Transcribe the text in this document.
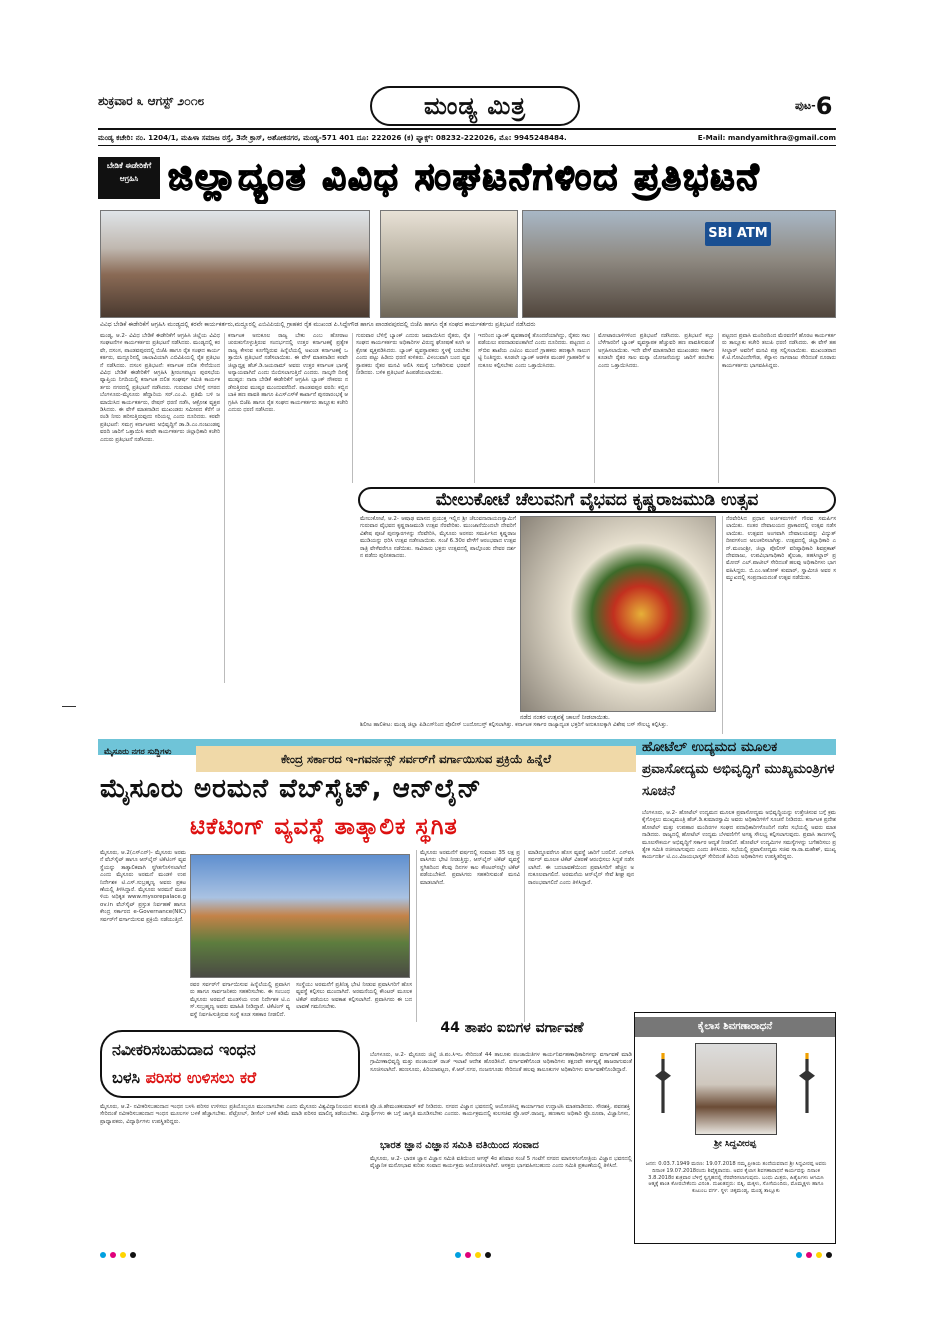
ಶುಕ್ರವಾರ ೩ ಆಗಸ್ಟ್ ೨೦೧೮	ಮಂಡ್ಯ ಮಿತ್ರ	ಪುಟ-6
ಮಂಡ್ಯ ಕಚೇರಿ: ನಂ. 1204/1, ಮಹಿಳಾ ಸಮಾಜ ರಸ್ತೆ, 3ನೇ ಕ್ರಾಸ್, ಅಶೋಕನಗರ, ಮಂಡ್ಯ-571 401 ದೂ: 222026 (ಕ) ಫ್ಯಾಕ್ಸ್: 08232-222026, ಮೊ: 9945248484.	E-Mail: mandyamithra@gmail.com
ಬೇಡಿಕೆ ಈಡೇರಿಕೆಗೆ ಆಗ್ರಹಿಸಿ ಜಿಲ್ಲಾದ್ಯಂತ ವಿವಿಧ ಸಂಘಟನೆಗಳಿಂದ ಪ್ರತಿಭಟನೆ
SBI ATM
ವಿವಿಧ ಬೇಡಿಕೆ ಈಡೇರಿಕೆಗೆ ಆಗ್ರಹಿಸಿ ಮಂಡ್ಯದಲ್ಲಿ ಕರವೇ ಕಾರ್ಯಕರ್ತರು,ಮದ್ದೂರಲ್ಲಿ ಎಬಿವಿಪಿಯಲ್ಲಿ ಗ್ರಾಹಕರ ರೈತ ಮುಖಂಡ ಪಿ.ಸಿದ್ದೇಗೌಡ ಹಾಗೂ ಪಾಂಡವಪುರದಲ್ಲಿ ಬಿಜೆಪಿ ಹಾಗೂ ರೈತ ಸಂಘದ ಕಾರ್ಯಕರ್ತರು ಪ್ರತಿಭಟನೆ ನಡೆಸಿದರು
ಮಂಡ್ಯ, ಆ.2- ವಿವಿಧ ಬೇಡಿಕೆ ಈಡೇರಿಕೆಗೆ ಆಗ್ರಹಿಸಿ ಜಿಲ್ಲೆಯ ವಿವಿಧ ಸಂಘಟನೆಗಳ ಕಾರ್ಯಕರ್ತರು ಪ್ರತಿಭಟನೆ ನಡೆಸಿದರು. ಮಂಡ್ಯದಲ್ಲಿ ಕರವೇ, ದಸಂಸ, ಪಾಂಡವಪುರದಲ್ಲಿ ಬಿಜೆಪಿ ಹಾಗೂ ರೈತ ಸಂಘದ ಕಾರ್ಯಕರ್ತರು, ಮದ್ದೂರಿನಲ್ಲಿ ಚಾಲಾವಿಯಾಗಿ ಎಬಿವಿಪಿಯಲ್ಲಿ ರೈತ ಪ್ರತಿಭಟನೆ ನಡೆಸಿದರು. ದಸಂಸ ಪ್ರತಿಭಟನೆ: ಕರ್ನಾಟಕ ದಲಿತ ಸೇನೆಯಿಂದ ವಿವಿಧ ಬೇಡಿಕೆ ಈಡೇರಿಕೆಗೆ ಆಗ್ರಹಿಸಿ ಶ್ರೀರಂಗಪಟ್ಟಣ ಪುರಸಭೆಯ ವ್ಯಾಪ್ತಿಯ ನಿಗದಿಯಲ್ಲಿ ಕರ್ನಾಟಕ ದಲಿತ ಸಂಘರ್ಷ ಸಮಿತಿ ಕಾರ್ಯಕರ್ತರು ನಗರದಲ್ಲಿ ಪ್ರತಿಭಟನೆ ನಡೆಸಿದರು. ಗುರುವಾರ ಬೆಳಿಗ್ಗೆ ನಗರದ ಬೆಂಗಳೂರು-ಮೈಸೂರು ಹೆದ್ದಾರಿಯ ಸರ್.ಎಂ.ವಿ. ಪ್ರತಿಮೆ ಬಳಿ ಜಮಾಯಿಸಿದ ಕಾರ್ಯಕರ್ತರು, ರೇಷನ್ ಧರಣಿ ನಡೆಸಿ, ಆಕ್ರೋಶ ವ್ಯಕ್ತಪಡಿಸಿದರು. ಈ ವೇಳೆ ಮಾತನಾಡಿದ ಮುಖಂಡರು ಸಮೀಪದ ಕೆರೆಗೆ ಚರಂಡಿ ನೀರು ಹರಿಸುತ್ತಿರುವುದು ಸರಿಯಲ್ಲ ಎಂದು ದೂರಿದರು. ಕರವೇ ಪ್ರತಿಭಟನೆ: ಸಮಗ್ರ ಕರ್ನಾಟಕದ ಅಭಿವೃದ್ಧಿಗೆ ಡಾ.ಡಿ.ಎಂ.ನಂಜುಂಡಪ್ಪ ವರದಿ ಜಾರಿಗೆ ಒತ್ತಾಯಿಸಿ ಕರವೇ ಕಾರ್ಯಕರ್ತರು ಜಿಲ್ಲಾಧಿಕಾರಿ ಕಚೇರಿ ಎದುರು ಪ್ರತಿಭಟನೆ ನಡೆಸಿದರು.
ಕರ್ನಾಟಕ ಅನುಕೂಲ ರಾಜ್ಯ ಬೇಕು ಎಂಬ ಹೋರಾಟ ಚುರುಕುಗೊಳ್ಳುತ್ತಿರುವ ಸಂದರ್ಭದಲ್ಲಿ ಉತ್ತರ ಕರ್ನಾಟಕಕ್ಕೆ ಪ್ರತ್ಯೇಕ ರಾಜ್ಯ ಕೇಳುವ ಕೂಗೆದ್ದಿರುವ ಹಿನ್ನೆಲೆಯಲ್ಲಿ ಅಖಂಡ ಕರ್ನಾಟಕಕ್ಕೆ ಒತ್ತಾಯಿಸಿ ಪ್ರತಿಭಟನೆ ನಡೆಸಲಾಯಿತು. ಈ ವೇಳೆ ಮಾತನಾಡಿದ ಕರವೇ ಜಿಲ್ಲಾಧ್ಯಕ್ಷ ಹೆಚ್.ಡಿ.ಜಯರಾಮ್ ಅವರು ಉತ್ತರ ಕರ್ನಾಟಕ ಭಾಗಕ್ಕೆ ಅನ್ಯಾಯವಾಗಿದೆ ಎಂದು ಬಿಂಬಿಸಲಾಗುತ್ತಿದೆ ಎಂದರು. ನಾಲ್ಕನೇ ದಿನಕ್ಕೆ ಮುಷ್ಕರ: ನಾನಾ ಬೇಡಿಕೆ ಈಡೇರಿಕೆಗೆ ಆಗ್ರಹಿಸಿ ಬ್ಯಾಂಕ್ ನೌಕರರು ನಡೆಸುತ್ತಿರುವ ಮುಷ್ಕರ ಮುಂದುವರೆದಿದೆ. ಪಾಂಡವಪುರ ವರದಿ: ಕಬ್ಬಿನ ಬಾಕಿ ಹಣ ಪಾವತಿ ಹಾಗೂ ಪಿಎಸ್‌ಎಸ್‌ಕೆ ಕಾರ್ಖಾನೆ ಪುನರಾರಂಭಕ್ಕೆ ಆಗ್ರಹಿಸಿ ಬಿಜೆಪಿ ಹಾಗೂ ರೈತ ಸಂಘದ ಕಾರ್ಯಕರ್ತರು ತಾಲ್ಲೂಕು ಕಚೇರಿ ಎದುರು ಧರಣಿ ನಡೆಸಿದರು.
ಗುರುವಾರ ಬೆಳಿಗ್ಗೆ ಬ್ಯಾಂಕ್ ಎದುರು ಜಮಾಯಿಸಿದ ರೈತರು, ರೈತ ಸಂಘದ ಕಾರ್ಯಕರ್ತರು ಅಧಿಕಾರಿಗಳ ವಿರುದ್ಧ ಘೋಷಣೆ ಕೂಗಿ ಆಕ್ರೋಶ ವ್ಯಕ್ತಪಡಿಸಿದರು. ಬ್ಯಾಂಕ್ ವ್ಯವಸ್ಥಾಪಕರು ಸ್ಥಳಕ್ಕೆ ಬರಬೇಕು ಎಂದು ಪಟ್ಟು ಹಿಡಿದು ಧರಣಿ ಕುಳಿತರು. ವಿಳಂಬವಾಗಿ ಬಂದ ವ್ಯವಸ್ಥಾಪಕರು ರೈತರ ಮನವಿ ಆಲಿಸಿ ಸಮಸ್ಯೆ ಬಗೆಹರಿಸುವ ಭರವಸೆ ನೀಡಿದರು. ಬಳಿಕ ಪ್ರತಿಭಟನೆ ಹಿಂಪಡೆಯಲಾಯಿತು.
ಇದರಿಂದ ಬ್ಯಾಂಕ್ ವ್ಯವಹಾರಕ್ಕೆ ತೊಂದರೆಯಾಗಿದ್ದು, ರೈತರು ಸಾಲ ಪಡೆಯಲು ಪರದಾಡುವಂತಾಗಿದೆ ಎಂದು ದೂರಿದರು. ಪಟ್ಟಣದ ಎಸ್‌ಬಿಐ ಶಾಖೆಯ ಎಟಿಎಂ ಮುಂದೆ ಗ್ರಾಹಕರು ಹಣಕ್ಕಾಗಿ ಸಾಲುಗಟ್ಟಿ ನಿಂತಿದ್ದರು. ಕೂಡಲೇ ಬ್ಯಾಂಕ್ ಆಡಳಿತ ಮಂಡಳಿ ಗ್ರಾಹಕರಿಗೆ ಅನುಕೂಲ ಕಲ್ಪಿಸಬೇಕು ಎಂದು ಒತ್ತಾಯಿಸಿದರು.
ಮೋಟಾರಬಾಳಿಗಳಿಂದ ಪ್ರತಿಭಟನೆ ನಡೆಸಿದರು. ಪ್ರತಿಭಟನೆ ಕಬ್ಬು ಬೆಳೆಗಾರರಿಗೆ ಬ್ಯಾಂಕ್ ವ್ಯವಸ್ಥಾಪಕ ಹೆಚ್ಚುವರಿ ಹಣ ಪಾವತಿಸುವಂತೆ ಅಗ್ರಹಿಸಲಾಯಿತು. ಇದೇ ವೇಳೆ ಮಾತನಾಡಿದ ಮುಖಂಡರು ಸರ್ಕಾರ ಕೂಡಲೇ ರೈತರ ಸಾಲ ಮನ್ನಾ ಯೋಜನೆಯನ್ನು ಜಾರಿಗೆ ತರಬೇಕು ಎಂದು ಒತ್ತಾಯಿಸಿದರು.
ಪಟ್ಟಣದ ಪ್ರವಾಸಿ ಮಂದಿರದಿಂದ ಮೆರವಣಿಗೆ ಹೊರಟ ಕಾರ್ಯಕರ್ತರು ತಾಲ್ಲೂಕು ಕಚೇರಿ ತಲುಪಿ ಧರಣಿ ನಡೆಸಿದರು. ಈ ವೇಳೆ ತಹಸೀಲ್ದಾರ್ ಅವರಿಗೆ ಮನವಿ ಪತ್ರ ಸಲ್ಲಿಸಲಾಯಿತು. ಮುಖಂಡರಾದ ಕೆ.ಟಿ.ಗೋವಿಂದೇಗೌಡ, ಕೆನ್ನಾಳು ನಾಗರಾಜು ಸೇರಿದಂತೆ ನೂರಾರು ಕಾರ್ಯಕರ್ತರು ಭಾಗವಹಿಸಿದ್ದರು.
ಮೇಲುಕೋಟೆ ಚೆಲುವನಿಗೆ ವೈಭವದ ಕೃಷ್ಣರಾಜಮುಡಿ ಉತ್ಸವ
ಮೇಲುಕೋಟೆ, ಆ.2- ಆಷಾಢ ಮಾಸದ ಪ್ರಯುಕ್ತ ಇಲ್ಲಿನ ಶ್ರೀ ಚೆಲುವನಾರಾಯಣಸ್ವಾಮಿಗೆ ಗುರುವಾರ ವೈಭವದ ಕೃಷ್ಣರಾಜಮುಡಿ ಉತ್ಸವ ನೆರವೇರಿತು. ಮುಂಜಾನೆಯಿಂದಲೇ ದೇವರಿಗೆ ವಿಶೇಷ ಪೂಜೆ ಪುನಸ್ಕಾರಗಳನ್ನು ನೆರವೇರಿಸಿ, ಮೈಸೂರು ಅರಸರು ಸಮರ್ಪಿಸಿದ ಕೃಷ್ಣರಾಜಮುಡಿಯನ್ನು ಧರಿಸಿ ಉತ್ಸವ ನಡೆಸಲಾಯಿತು. ಸಂಜೆ 6.30ರ ವೇಳೆಗೆ ಆರಂಭವಾದ ಉತ್ಸವ ರಾತ್ರಿ ವೇಳೆವರೆಗೂ ನಡೆಯಿತು. ಸಾವಿರಾರು ಭಕ್ತರು ಉತ್ಸವದಲ್ಲಿ ಪಾಲ್ಗೊಂಡು ದೇವರ ದರ್ಶನ ಪಡೆದು ಪುನೀತರಾದರು.
ನಡೆದ ನಂತರ ಉತ್ಸವಕ್ಕೆ ಚಾಲನೆ ನೀಡಲಾಯಿತು.
ಶಿಲೀಟ ಹಾಲಿಕೀಟ: ಮಂಡ್ಯ ಜಿಲ್ಲಾ ಪಿಡಿಎಸ್‌ನಿಂದ ಪೊಲೀಸ್ ಬಂದೋಬಸ್ತ್ ಕಲ್ಪಿಸಲಾಗಿತ್ತು. ಕರ್ನಾಟಕ ಸರ್ಕಾರ ರಾಜ್ಯಾದ್ಯಂತ ಭಕ್ತರಿಗೆ ಅನುಕೂಲಕ್ಕಾಗಿ ವಿಶೇಷ ಬಸ್ ಸೌಲಭ್ಯ ಕಲ್ಪಿಸಿತ್ತು.
ನೆರವೇರಿಸಿದ ಪ್ರಧಾನ ಅರ್ಚಕರುಗಳಿಗೆ ಗೌರವ ಸಮರ್ಪಿಸಲಾಯಿತು. ನಂತರ ದೇವಾಲಯದ ಪ್ರಾಕಾರದಲ್ಲಿ ಉತ್ಸವ ನಡೆಸಲಾಯಿತು. ಉತ್ಸವದ ಅಂಗವಾಗಿ ದೇವಾಲಯವನ್ನು ವಿದ್ಯುತ್ ದೀಪಗಳಿಂದ ಅಲಂಕರಿಸಲಾಗಿತ್ತು. ಉತ್ಸವದಲ್ಲಿ ಜಿಲ್ಲಾಧಿಕಾರಿ ಎನ್.ಮಂಜುಶ್ರೀ, ಜಿಲ್ಲಾ ಪೊಲೀಸ್ ವರಿಷ್ಠಾಧಿಕಾರಿ ಶಿವಪ್ರಕಾಶ್ ದೇವರಾಜು, ಉಪವಿಭಾಗಾಧಿಕಾರಿ ಶೈಲಜಾ, ತಹಸೀಲ್ದಾರ್ ಪ್ರಮೋದ್ ಎಲ್.ಪಾಟೀಲ್ ಸೇರಿದಂತೆ ಹಲವು ಅಧಿಕಾರಿಗಳು ಭಾಗವಹಿಸಿದ್ದರು. ಬಿ.ಎಂ.ಅಶೋಕ್ ಕುಮಾರ್, ಸ್ವಾಮೀಜಿ ಅವರ ಸಮ್ಮುಖದಲ್ಲಿ ಸಂಪ್ರದಾಯದಂತೆ ಉತ್ಸವ ನಡೆಯಿತು.
ಮೈಸೂರು ನಗರ ಸುದ್ದಿಗಳು
ಕೇಂದ್ರ ಸರ್ಕಾರದ ಇ-ಗವರ್ನನ್ಸ್ ಸರ್ವರ್‌ಗೆ ವರ್ಗಾಯಿಸುವ ಪ್ರಕ್ರಿಯೆ ಹಿನ್ನೆಲೆ
ಮೈಸೂರು ಅರಮನೆ ವೆಬ್‌ಸೈಟ್, ಆನ್‌ಲೈನ್
ಟಿಕೆಟಿಂಗ್ ವ್ಯವಸ್ಥೆ ತಾತ್ಕಾಲಿಕ ಸ್ಥಗಿತ
ಮೈಸೂರು, ಆ.2(ಎಸ್‌ಎನ್)- ಮೈಸೂರು ಅರಮನೆ ವೆಬ್‌ಸೈಟ್ ಹಾಗೂ ಆನ್‌ಲೈನ್ ಟಿಕೆಟಿಂಗ್ ವ್ಯವಸ್ಥೆಯನ್ನು ತಾತ್ಕಾಲಿಕವಾಗಿ ಸ್ಥಗಿತಗೊಳಿಸಲಾಗಿದೆ ಎಂದು ಮೈಸೂರು ಅರಮನೆ ಮಂಡಳಿ ಉಪ ನಿರ್ದೇಶಕ ಟಿ.ಎಸ್.ಸುಬ್ರಹ್ಮಣ್ಯ ಅವರು ಪ್ರಕಟಣೆಯಲ್ಲಿ ತಿಳಿಸಿದ್ದಾರೆ. ಮೈಸೂರು ಅರಮನೆ ಮಂಡಳಿಯ ಅಧಿಕೃತ www.mysorepalace.gov.in ವೆಬ್‌ಸೈಟ್ ಪ್ರಸ್ತುತ ನಿರ್ವಹಣೆ ಹಾಗೂ ಕೇಂದ್ರ ಸರ್ಕಾರದ e-Governance(NIC) ಸರ್ವರ್‌ಗೆ ವರ್ಗಾಯಿಸುವ ಪ್ರಕ್ರಿಯೆ ನಡೆಯುತ್ತಿದೆ.
ರವರ ಸರ್ವರ್‌ಗೆ ವರ್ಗಾಯಿಸುವ ಹಿನ್ನೆಲೆಯಲ್ಲಿ ಪ್ರವಾಸಿಗರು ಹಾಗೂ ಸಾರ್ವಜನಿಕರು ಸಹಕರಿಸಬೇಕು. ಈ ಸಂಬಂಧ ಮೈಸೂರು ಅರಮನೆ ಮಂಡಳಿಯ ಉಪ ನಿರ್ದೇಶಕ ಟಿ.ಎಸ್.ಸುಬ್ರಹ್ಮಣ್ಯ ಅವರು ಮಾಹಿತಿ ನೀಡಿದ್ದಾರೆ. ಟಿಕೆಟಿಂಗ್ ವ್ಯವಸ್ಥೆ ನಿರ್ವಹಿಸುತ್ತಿರುವ ಸಂಸ್ಥೆ ಕೂಡ ಸಹಕಾರ ನೀಡಲಿದೆ.
ಸಂಸ್ಥೆಯು ಅರಮನೆಗೆ ಪ್ರತಿನಿತ್ಯ ಭೇಟಿ ನೀಡುವ ಪ್ರವಾಸಿಗರಿಗೆ ಹೊಸ ವ್ಯವಸ್ಥೆ ಕಲ್ಪಿಸಲು ಮುಂದಾಗಿದೆ. ಅರಮನೆಯಲ್ಲಿ ಕೌಂಟರ್ ಮೂಲಕ ಟಿಕೆಟ್ ಪಡೆಯಲು ಅವಕಾಶ ಕಲ್ಪಿಸಲಾಗಿದೆ. ಪ್ರವಾಸಿಗರು ಈ ಬದಲಾವಣೆ ಗಮನಿಸಬೇಕು.
ಮೈಸೂರು ಅರಮನೆಗೆ ವರ್ಷದಲ್ಲಿ ಸುಮಾರು 35 ಲಕ್ಷ ಪ್ರವಾಸಿಗರು ಭೇಟಿ ನೀಡುತ್ತಿದ್ದು, ಆನ್‌ಲೈನ್ ಟಿಕೆಟ್ ವ್ಯವಸ್ಥೆ ಸ್ಥಗಿತದಿಂದ ಕೆಲವು ದಿನಗಳ ಕಾಲ ಕೌಂಟರ್‌ನಲ್ಲೇ ಟಿಕೆಟ್ ಪಡೆಯಬೇಕಿದೆ. ಪ್ರವಾಸಿಗರು ಸಹಕರಿಸುವಂತೆ ಮನವಿ ಮಾಡಲಾಗಿದೆ.
ಮಾಡಿದ್ದೂವರೆಗೂ ಹೊಸ ವ್ಯವಸ್ಥೆ ಜಾರಿಗೆ ಬರಲಿದೆ. ಎನ್‌ಐಸಿ ಸರ್ವರ್ ಮೂಲಕ ಟಿಕೆಟ್ ವಿತರಣೆ ಆರಂಭಿಸಲು ಸಿದ್ಧತೆ ನಡೆಸಲಾಗಿದೆ. ಈ ಬದಲಾವಣೆಯಿಂದ ಪ್ರವಾಸಿಗರಿಗೆ ಹೆಚ್ಚಿನ ಅನುಕೂಲವಾಗಲಿದೆ. ಅರಮನೆಯ ಆನ್‌ಲೈನ್ ಸೇವೆ ಶೀಘ್ರ ಪುನರಾರಂಭವಾಗಲಿದೆ ಎಂದು ತಿಳಿಸಿದ್ದಾರೆ.
ಹೋಟೆಲ್ ಉದ್ಯಮದ ಮೂಲಕ ಪ್ರವಾಸೋದ್ಯಮ ಅಭಿವೃದ್ಧಿಗೆ ಮುಖ್ಯಮಂತ್ರಿಗಳ ಸೂಚನೆ
ಬೆಂಗಳೂರು, ಆ.2- ಹೋಟೆಲ್ ಉದ್ಯಮದ ಮೂಲಕ ಪ್ರವಾಸೋದ್ಯಮ ಅಭಿವೃದ್ಧಿಯನ್ನು ಉತ್ತೇಜಿಸುವ ಬಗ್ಗೆ ಕ್ರಮ ಕೈಗೊಳ್ಳಲು ಮುಖ್ಯಮಂತ್ರಿ ಹೆಚ್.ಡಿ.ಕುಮಾರಸ್ವಾಮಿ ಅವರು ಅಧಿಕಾರಿಗಳಿಗೆ ಸೂಚನೆ ನೀಡಿದರು. ಕರ್ನಾಟಕ ಪ್ರದೇಶ ಹೋಟೆಲ್ ಮತ್ತು ಉಪಹಾರ ಮಂದಿರಗಳ ಸಂಘದ ಪದಾಧಿಕಾರಿಗಳೊಂದಿಗೆ ನಡೆದ ಸಭೆಯಲ್ಲಿ ಅವರು ಮಾತನಾಡಿದರು. ರಾಜ್ಯದಲ್ಲಿ ಹೋಟೆಲ್ ಉದ್ಯಮ ಬೆಳವಣಿಗೆಗೆ ಅಗತ್ಯ ಸೌಲಭ್ಯ ಕಲ್ಪಿಸಲಾಗುವುದು. ಪ್ರವಾಸಿ ತಾಣಗಳಲ್ಲಿ ಮೂಲಸೌಕರ್ಯ ಅಭಿವೃದ್ಧಿಗೆ ಸರ್ಕಾರ ಆದ್ಯತೆ ನೀಡಲಿದೆ. ಹೋಟೆಲ್ ಉದ್ಯಮಿಗಳ ಸಮಸ್ಯೆಗಳನ್ನು ಬಗೆಹರಿಸಲು ಪ್ರತ್ಯೇಕ ಸಮಿತಿ ರಚಿಸಲಾಗುವುದು ಎಂದು ತಿಳಿಸಿದರು. ಸಭೆಯಲ್ಲಿ ಪ್ರವಾಸೋದ್ಯಮ ಸಚಿವ ಸಾ.ರಾ.ಮಹೇಶ್, ಮುಖ್ಯ ಕಾರ್ಯದರ್ಶಿ ಟಿ.ಎಂ.ವಿಜಯಭಾಸ್ಕರ್ ಸೇರಿದಂತೆ ಹಿರಿಯ ಅಧಿಕಾರಿಗಳು ಉಪಸ್ಥಿತರಿದ್ದರು.
ನವೀಕರಿಸಬಹುದಾದ ಇಂಧನ
ಬಳಸಿ ಪರಿಸರ ಉಳಿಸಲು ಕರೆ
ಮೈಸೂರು, ಆ.2- ನವೀಕರಿಸಬಹುದಾದ ಇಂಧನ ಬಳಸಿ ಪರಿಸರ ಉಳಿಸಲು ಪ್ರತಿಯೊಬ್ಬರೂ ಮುಂದಾಗಬೇಕು ಎಂದು ಮೈಸೂರು ವಿಶ್ವವಿದ್ಯಾನಿಲಯದ ಕುಲಪತಿ ಪ್ರೊ.ಜಿ.ಹೇಮಂತಕುಮಾರ್ ಕರೆ ನೀಡಿದರು. ನಗರದ ವಿಜ್ಞಾನ ಭವನದಲ್ಲಿ ಆಯೋಜಿಸಿದ್ದ ಕಾರ್ಯಾಗಾರ ಉದ್ಘಾಟಿಸಿ ಮಾತನಾಡಿದರು. ಸೌರಶಕ್ತಿ, ಪವನಶಕ್ತಿ ಸೇರಿದಂತೆ ನವೀಕರಿಸಬಹುದಾದ ಇಂಧನ ಮೂಲಗಳ ಬಳಕೆ ಹೆಚ್ಚಾಗಬೇಕು. ಪೆಟ್ರೋಲ್, ಡೀಸೆಲ್ ಬಳಕೆ ಕಡಿಮೆ ಮಾಡಿ ಪರಿಸರ ಮಾಲಿನ್ಯ ತಡೆಯಬೇಕು. ವಿದ್ಯಾರ್ಥಿಗಳು ಈ ಬಗ್ಗೆ ಜಾಗೃತಿ ಮೂಡಿಸಬೇಕು ಎಂದರು. ಕಾರ್ಯಕ್ರಮದಲ್ಲಿ ಕುಲಸಚಿವ ಪ್ರೊ.ಆರ್.ರಾಜಣ್ಣ, ಹಣಕಾಸು ಅಧಿಕಾರಿ ಪ್ರೊ.ರೂಪಾ, ವಿಜ್ಞಾನಿಗಳು, ಪ್ರಾಧ್ಯಾಪಕರು, ವಿದ್ಯಾರ್ಥಿಗಳು ಉಪಸ್ಥಿತರಿದ್ದರು.
44 ತಾಪಂ ಐಬಿಗಳ ವರ್ಗಾವಣೆ
ಬೆಂಗಳೂರು, ಆ.2- ಮೈಸೂರು ಜಿಲ್ಲೆ ಜಿ.ಪಂ.ಸಿಇಒ ಸೇರಿದಂತೆ 44 ತಾಲೂಕು ಪಂಚಾಯಿತಿಗಳ ಕಾರ್ಯನಿರ್ವಹಣಾಧಿಕಾರಿಗಳನ್ನು ವರ್ಗಾವಣೆ ಮಾಡಿ ಗ್ರಾಮೀಣಾಭಿವೃದ್ಧಿ ಮತ್ತು ಪಂಚಾಯತ್ ರಾಜ್ ಇಲಾಖೆ ಆದೇಶ ಹೊರಡಿಸಿದೆ. ವರ್ಗಾವಣೆಗೊಂಡ ಅಧಿಕಾರಿಗಳು ತಕ್ಷಣವೇ ಕರ್ತವ್ಯಕ್ಕೆ ಹಾಜರಾಗುವಂತೆ ಸೂಚಿಸಲಾಗಿದೆ. ಹುಣಸೂರು, ಪಿರಿಯಾಪಟ್ಟಣ, ಕೆ.ಆರ್.ನಗರ, ನಂಜನಗೂಡು ಸೇರಿದಂತೆ ಹಲವು ತಾಲೂಕುಗಳ ಅಧಿಕಾರಿಗಳು ವರ್ಗಾವಣೆಗೊಂಡಿದ್ದಾರೆ.
ಭಾರತ ಜ್ಞಾನ ವಿಜ್ಞಾನ ಸಮಿತಿ ವತಿಯಿಂದ ಸಂವಾದ
ಮೈಸೂರು, ಆ.2- ಭಾರತ ಜ್ಞಾನ ವಿಜ್ಞಾನ ಸಮಿತಿ ವತಿಯಿಂದ ಆಗಸ್ಟ್ 4ರ ಶನಿವಾರ ಸಂಜೆ 5 ಗಂಟೆಗೆ ನಗರದ ಮಾನಸಗಂಗೋತ್ರಿಯ ವಿಜ್ಞಾನ ಭವನದಲ್ಲಿ ವೈಜ್ಞಾನಿಕ ಮನೋಭಾವ ಕುರಿತು ಸಂವಾದ ಕಾರ್ಯಕ್ರಮ ಆಯೋಜಿಸಲಾಗಿದೆ. ಆಸಕ್ತರು ಭಾಗವಹಿಸಬಹುದು ಎಂದು ಸಮಿತಿ ಪ್ರಕಟಣೆಯಲ್ಲಿ ತಿಳಿಸಿದೆ.
ಕೈಲಾಸ ಶಿವಗಣಾರಾಧನೆ
ಶ್ರೀ ಸಿದ್ದವೀರಪ್ಪ
ಜನನ: 0.03.7.1949 ಮರಣ: 19.07.2018 ನಮ್ಮ ಪ್ರೀತಿಯ ತಂದೆಯವರಾದ ಶ್ರೀ ಸಿದ್ದವೀರಪ್ಪ ಅವರು ದಿನಾಂಕ 19.07.2018ರಂದು ಶಿವೈಕ್ಯರಾದರು. ಅವರ ಕೈಲಾಸ ಶಿವಗಣಾರಾಧನೆ ಕಾರ್ಯವನ್ನು ದಿನಾಂಕ 3.8.2018ರ ಶುಕ್ರವಾರ ಬೆಳಿಗ್ಗೆ ಸ್ವಗೃಹದಲ್ಲಿ ನೆರವೇರಿಸಲಾಗುವುದು. ಬಂಧು ಮಿತ್ರರು, ಹಿತೈಷಿಗಳು ಆಗಮಿಸಿ ಆತ್ಮಕ್ಕೆ ಶಾಂತಿ ಕೋರಬೇಕೆಂದು ವಿನಂತಿ. ದುಃಖತಪ್ತರು: ಪತ್ನಿ, ಮಕ್ಕಳು, ಸೊಸೆಯಂದಿರು, ಮೊಮ್ಮಕ್ಕಳು ಹಾಗೂ ಕುಟುಂಬ ವರ್ಗ. ಸ್ಥಳ: ಚಿಕ್ಕಮಂಡ್ಯ, ಮಂಡ್ಯ ತಾಲ್ಲೂಕು
